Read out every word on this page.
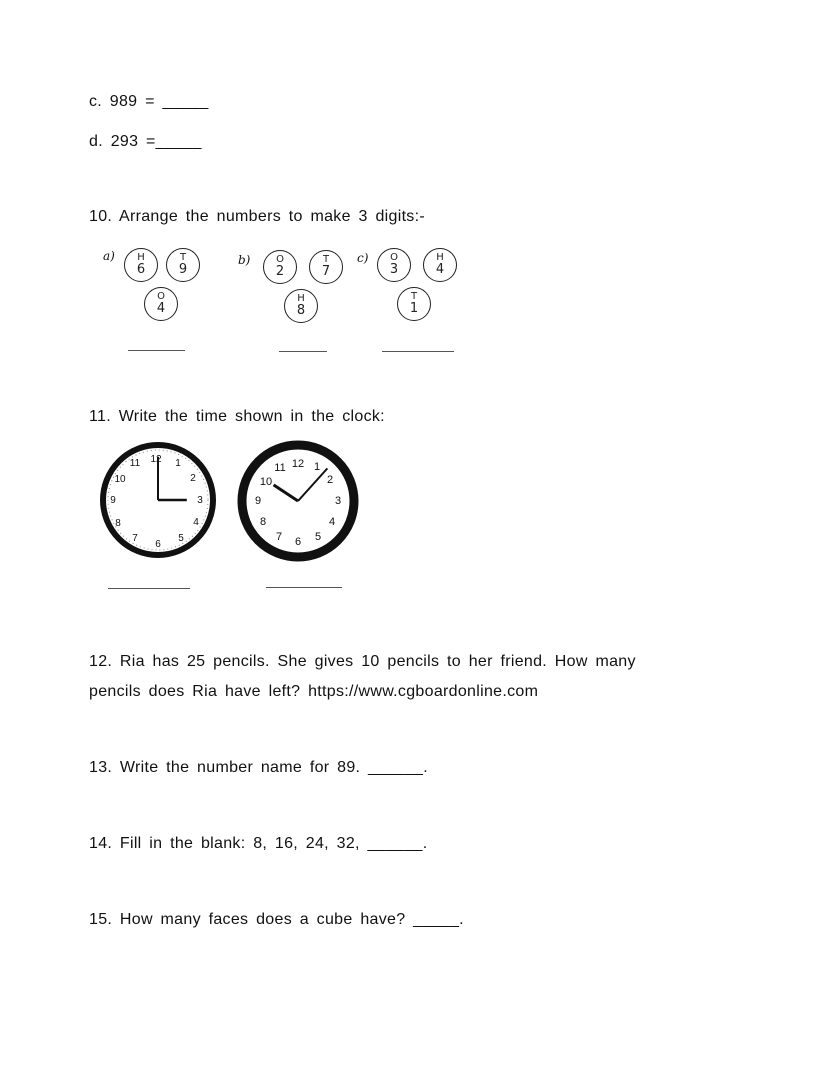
c. 989 = _____
d. 293 =_____
10. Arrange the numbers to make 3 digits:-
a)	H
6
T
9
O
4
b)	O
2
T
7
H
8
c)	O
3
H
4
T
1
11. Write the time shown in the clock:
12 1
2
3
4
5
6
7
8
9
10
11	12 1
2
3
4
5
6
7
8
9
10
11
12. Ria has 25 pencils. She gives 10 pencils to her friend. How many
pencils does Ria have left? https://www.cgboardonline.com
13. Write the number name for 89. ______.
14. Fill in the blank: 8, 16, 24, 32, ______.
15. How many faces does a cube have? _____.
